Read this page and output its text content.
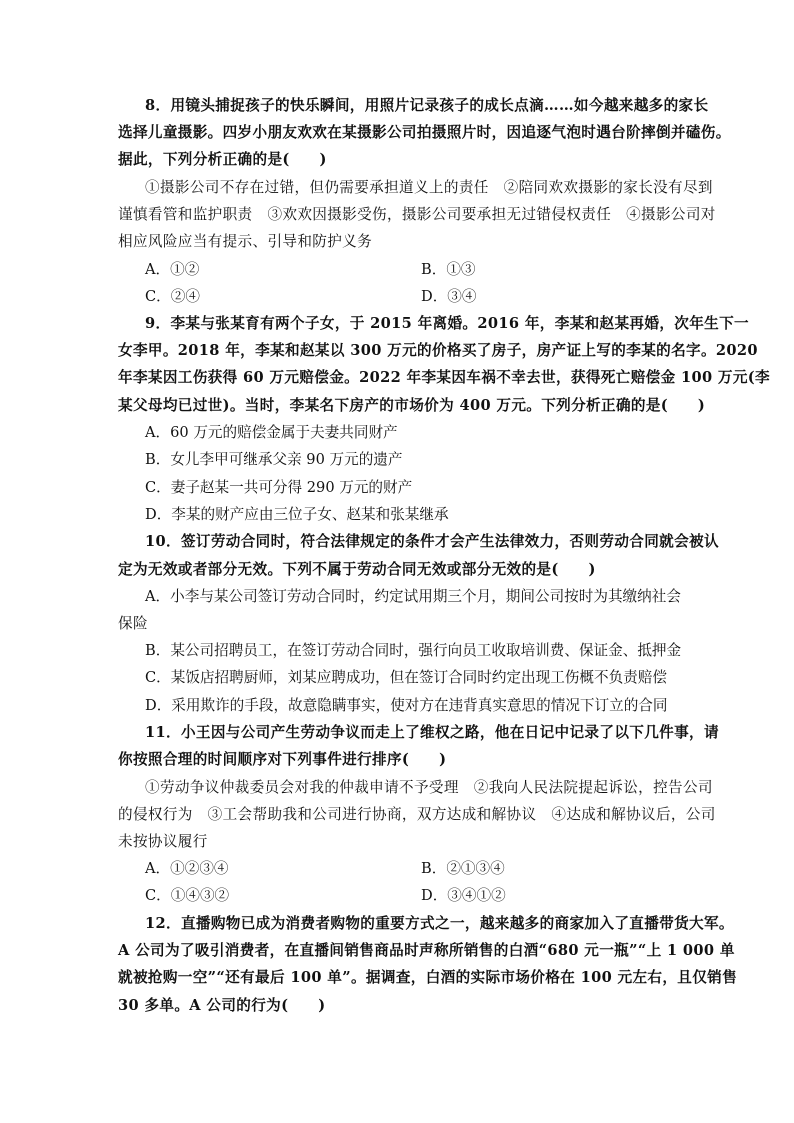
8．用镜头捕捉孩子的快乐瞬间，用照片记录孩子的成长点滴……如今越来越多的家长
选择儿童摄影。四岁小朋友欢欢在某摄影公司拍摄照片时，因追逐气泡时遇台阶摔倒并磕伤。
据此，下列分析正确的是(　　)
①摄影公司不存在过错，但仍需要承担道义上的责任　②陪同欢欢摄影的家长没有尽到
谨慎看管和监护职责　③欢欢因摄影受伤，摄影公司要承担无过错侵权责任　④摄影公司对
相应风险应当有提示、引导和防护义务
A．①②	B．①③
C．②④	D．③④
9．李某与张某育有两个子女，于 2015 年离婚。2016 年，李某和赵某再婚，次年生下一
女李甲。2018 年，李某和赵某以 300 万元的价格买了房子，房产证上写的李某的名字。2020
年李某因工伤获得 60 万元赔偿金。2022 年李某因车祸不幸去世，获得死亡赔偿金 100 万元(李
某父母均已过世)。当时，李某名下房产的市场价为 400 万元。下列分析正确的是(　　)
A．60 万元的赔偿金属于夫妻共同财产
B．女儿李甲可继承父亲 90 万元的遗产
C．妻子赵某一共可分得 290 万元的财产
D．李某的财产应由三位子女、赵某和张某继承
10．签订劳动合同时，符合法律规定的条件才会产生法律效力，否则劳动合同就会被认
定为无效或者部分无效。下列不属于劳动合同无效或部分无效的是(　　)
A．小李与某公司签订劳动合同时，约定试用期三个月，期间公司按时为其缴纳社会
保险
B．某公司招聘员工，在签订劳动合同时，强行向员工收取培训费、保证金、抵押金
C．某饭店招聘厨师，刘某应聘成功，但在签订合同时约定出现工伤概不负责赔偿
D．采用欺诈的手段，故意隐瞒事实，使对方在违背真实意思的情况下订立的合同
11．小王因与公司产生劳动争议而走上了维权之路，他在日记中记录了以下几件事，请
你按照合理的时间顺序对下列事件进行排序(　　)
①劳动争议仲裁委员会对我的仲裁申请不予受理　②我向人民法院提起诉讼，控告公司
的侵权行为　③工会帮助我和公司进行协商，双方达成和解协议　④达成和解协议后，公司
未按协议履行
A．①②③④	B．②①③④
C．①④③②	D．③④①②
12．直播购物已成为消费者购物的重要方式之一，越来越多的商家加入了直播带货大军。
A 公司为了吸引消费者，在直播间销售商品时声称所销售的白酒“680 元一瓶”“上 1 000 单
就被抢购一空”“还有最后 100 单”。据调查，白酒的实际市场价格在 100 元左右，且仅销售
30 多单。A 公司的行为(　　)
